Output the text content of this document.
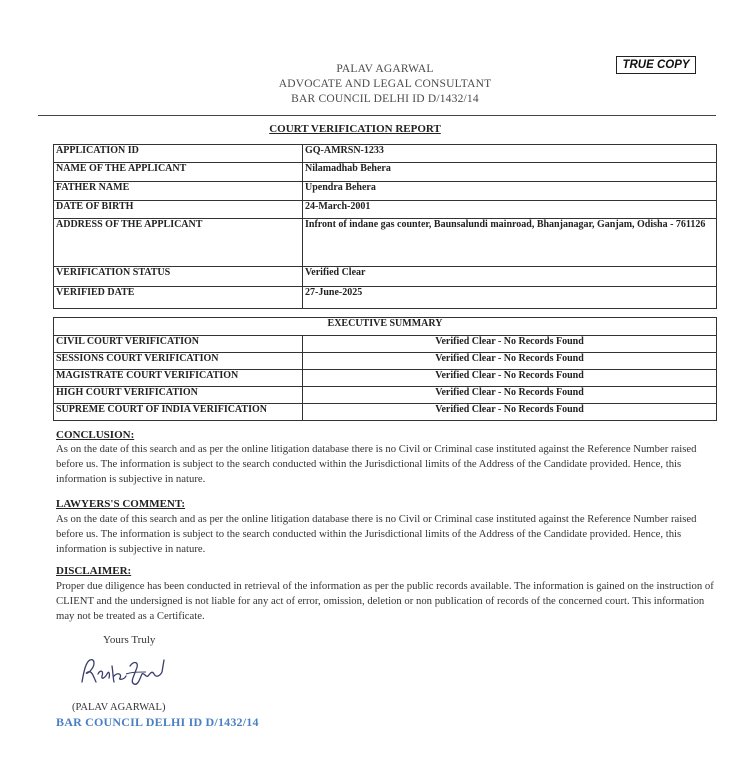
PALAV AGARWAL
ADVOCATE AND LEGAL CONSULTANT
BAR COUNCIL DELHI ID D/1432/14
TRUE COPY
COURT VERIFICATION REPORT
APPLICATION ID	GQ-AMRSN-1233
NAME OF THE APPLICANT	Nilamadhab Behera
FATHER NAME	Upendra Behera
DATE OF BIRTH	24-March-2001
ADDRESS OF THE APPLICANT	Infront of indane gas counter, Baunsalundi mainroad, Bhanjanagar, Ganjam, Odisha - 761126
VERIFICATION STATUS	Verified Clear
VERIFIED DATE	27-June-2025
EXECUTIVE SUMMARY	
CIVIL COURT VERIFICATION	Verified Clear - No Records Found
SESSIONS COURT VERIFICATION	Verified Clear - No Records Found
MAGISTRATE COURT VERIFICATION	Verified Clear - No Records Found
HIGH COURT VERIFICATION	Verified Clear - No Records Found
SUPREME COURT OF INDIA VERIFICATION	Verified Clear - No Records Found
CONCLUSION:
As on the date of this search and as per the online litigation database there is no Civil or Criminal case instituted against the Reference Number raised before us. The information is subject to the search conducted within the Jurisdictional limits of the Address of the Candidate provided. Hence, this information is subjective in nature.
LAWYERS'S COMMENT:
As on the date of this search and as per the online litigation database there is no Civil or Criminal case instituted against the Reference Number raised before us. The information is subject to the search conducted within the Jurisdictional limits of the Address of the Candidate provided. Hence, this information is subjective in nature.
DISCLAIMER:
Proper due diligence has been conducted in retrieval of the information as per the public records available. The information is gained on the instruction of CLIENT and the undersigned is not liable for any act of error, omission, deletion or non publication of records of the concerned court. This information may not be treated as a Certificate.
Yours Truly
(PALAV AGARWAL)
BAR COUNCIL DELHI ID D/1432/14
